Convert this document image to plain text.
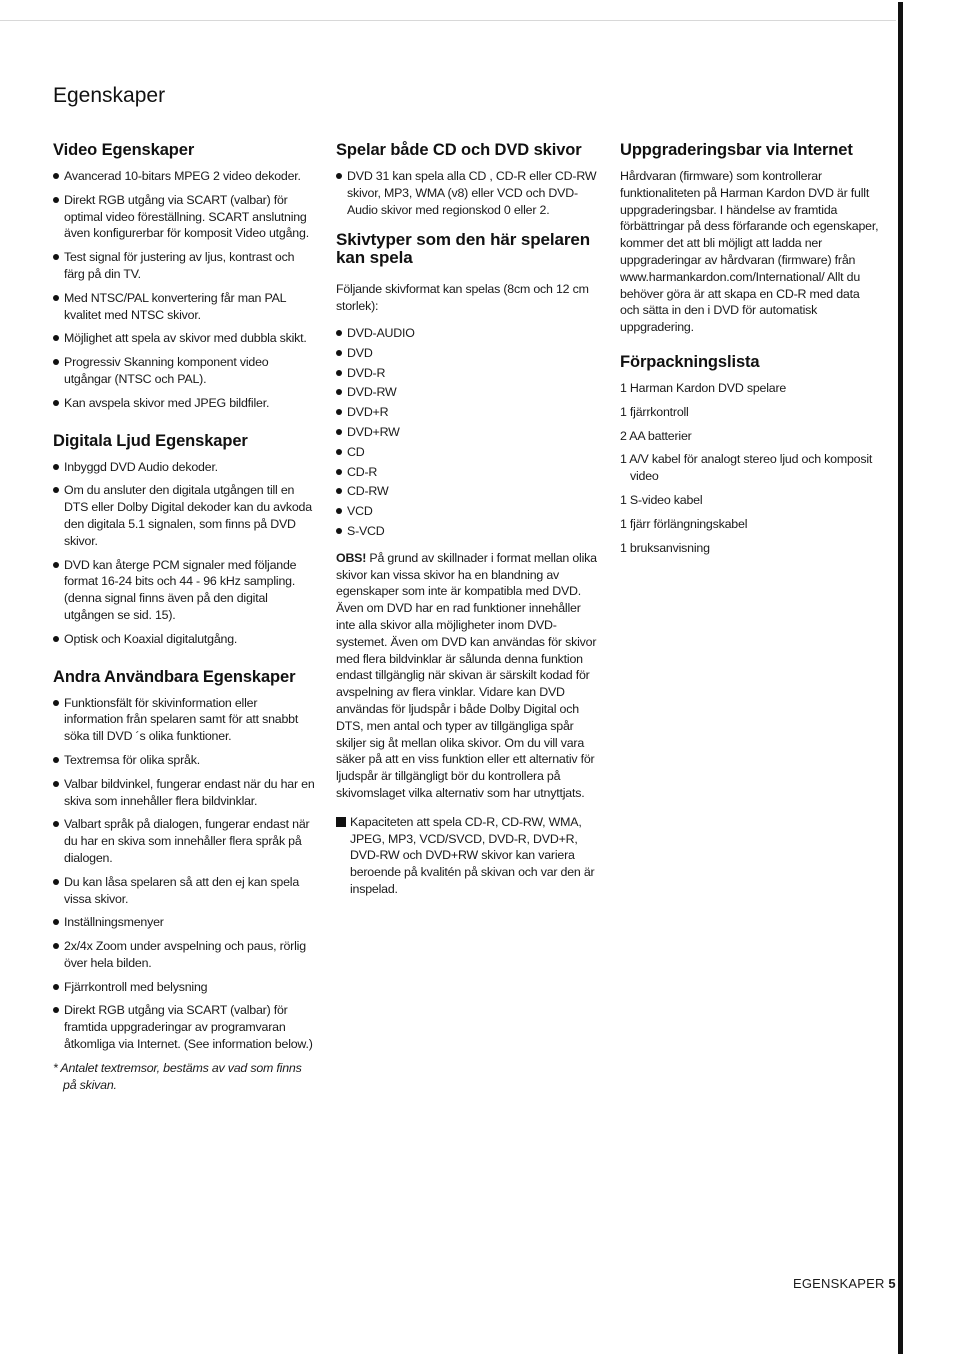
Egenskaper
Video Egenskaper
Avancerad 10-bitars MPEG 2 video dekoder.
Direkt RGB utgång via SCART (valbar) för optimal video föreställning. SCART anslutning även konfigurerbar för komposit Video utgång.
Test signal för justering av ljus, kontrast och färg på din TV.
Med NTSC/PAL konvertering får man PAL kvalitet med NTSC skivor.
Möjlighet att spela av skivor med dubbla skikt.
Progressiv Skanning komponent video utgångar (NTSC och PAL).
Kan avspela skivor med JPEG bildfiler.
Digitala Ljud Egenskaper
Inbyggd DVD Audio dekoder.
Om du ansluter den digitala utgången till en DTS eller Dolby Digital dekoder kan du avkoda den digitala 5.1 signalen, som finns på DVD skivor.
DVD kan återge PCM signaler med följande format 16-24 bits och 44 - 96 kHz sampling. (denna signal finns även på den digital utgången se sid. 15).
Optisk och Koaxial digitalutgång.
Andra Användbara Egenskaper
Funktionsfält för skivinformation eller information från spelaren samt för att snabbt söka till DVD ´s olika funktioner.
Textremsa för olika språk.
Valbar bildvinkel, fungerar endast när du har en skiva som innehåller flera bildvinklar.
Valbart språk på dialogen, fungerar endast när du har en skiva som innehåller flera språk på dialogen.
Du kan låsa spelaren så att den ej kan spela vissa skivor.
Inställningsmenyer
2x/4x Zoom under avspelning och paus, rörlig över hela bilden.
Fjärrkontroll med belysning
Direkt RGB utgång via SCART (valbar) för framtida uppgraderingar av programvaran åtkomliga via Internet. (See information below.)

* Antalet textremsor, bestäms av vad som finns på skivan.

Spelar både CD och DVD skivor
DVD 31 kan spela alla CD , CD-R eller CD-RW skivor, MP3, WMA (v8) eller VCD och DVD-Audio skivor med regionskod 0 eller 2.
Skivtyper som den här spelaren kan spela

Följande skivformat kan spelas (8cm och 12 cm storlek):

DVD-AUDIO
DVD
DVD-R
DVD-RW
DVD+R
DVD+RW
CD
CD-R
CD-RW
VCD
S-VCD

OBS! På grund av skillnader i format mellan olika skivor kan vissa skivor ha en blandning av egenskaper som inte är kompatibla med DVD. Även om DVD har en rad funktioner innehåller inte alla skivor alla möjligheter inom DVD-systemet. Även om DVD kan användas för skivor med flera bildvinklar är sålunda denna funktion endast tillgänglig när skivan är särskilt kodad för avspelning av flera vinklar. Vidare kan DVD användas för ljudspår i både Dolby Digital och DTS, men antal och typer av tillgängliga spår skiljer sig åt mellan olika skivor. Om du vill vara säker på att en viss funktion eller ett alternativ för ljudspår är tillgängligt bör du kontrollera på skivomslaget vilka alternativ som har utnyttjats.

Kapaciteten att spela CD-R, CD-RW, WMA, JPEG, MP3, VCD/SVCD, DVD-R, DVD+R, DVD-RW och DVD+RW skivor kan variera beroende på kvalitén på skivan och var den är inspelad.
Uppgraderingsbar via Internet

Hårdvaran (firmware) som kontrollerar funktionaliteten på Harman Kardon DVD är fullt uppgraderingsbar. I händelse av framtida förbättringar på dess förfarande och egenskaper, kommer det att bli möjligt att ladda ner uppgraderingar av hårdvaran (firmware) från www.harmankardon.com/International/ Allt du behöver göra är att skapa en CD-R med data och sätta in den i DVD för automatisk uppgradering.

Förpackningslista
1 Harman Kardon DVD spelare
1 fjärrkontroll
2 AA batterier
1 A/V kabel för analogt stereo ljud och komposit video
1 S-video kabel
1 fjärr förlängningskabel
1 bruksanvisning
EGENSKAPER 5
